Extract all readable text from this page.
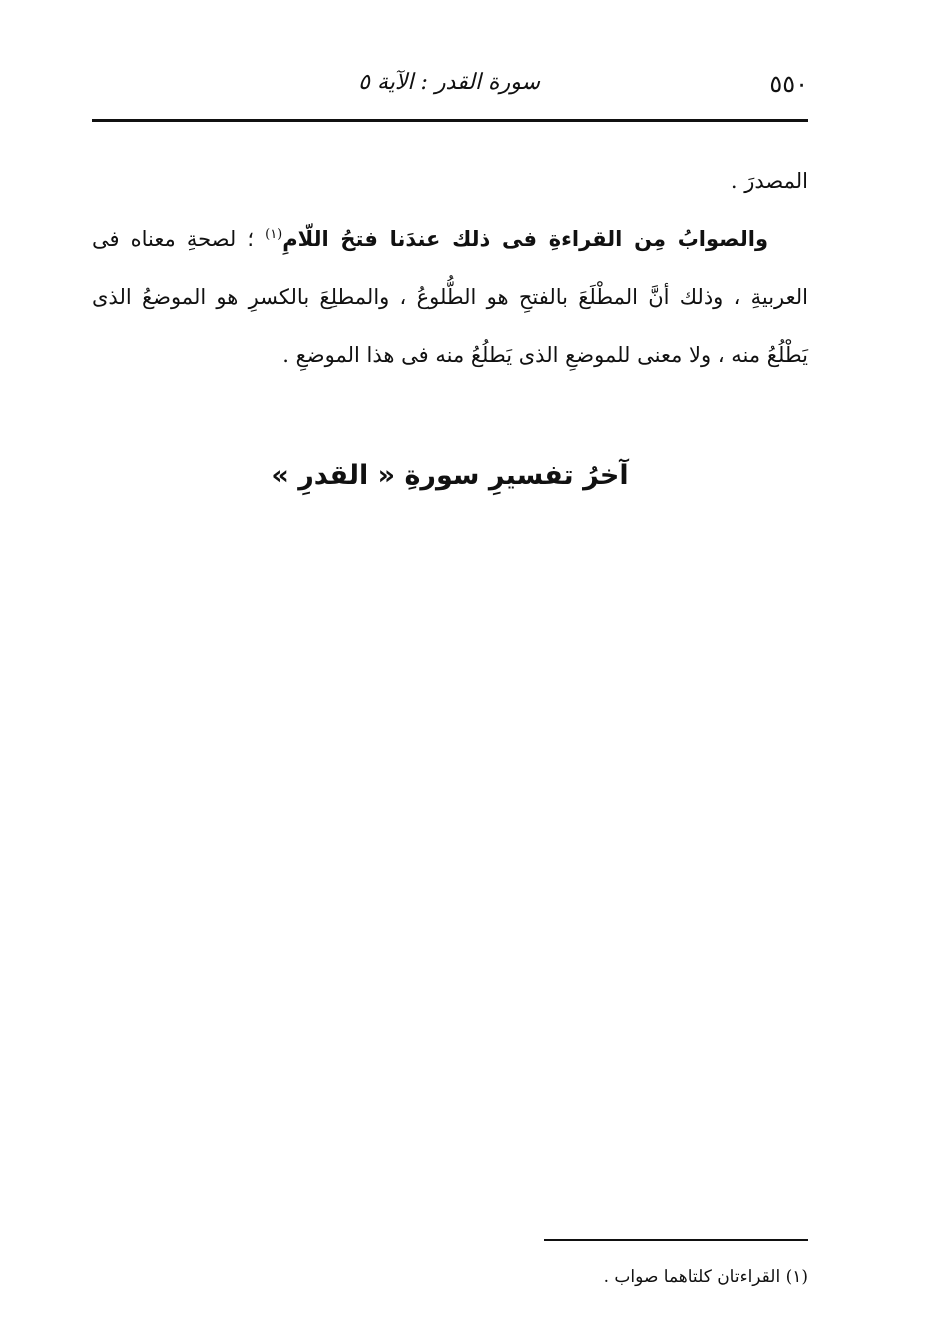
٥٥٠
سورة القدر : الآية ٥

المصدرَ .

والصوابُ مِن القراءةِ فى ذلك عندَنا فتحُ اللّامِ$^{(١)}$ ؛ لصحةِ معناه فى العربيةِ ، وذلك أنَّ المطْلَعَ بالفتحِ هو الطُّلوعُ ، والمطلِعَ بالكسرِ هو الموضعُ الذى يَطْلُعُ منه ، ولا معنى للموضعِ الذى يَطلُعُ منه فى هذا الموضعِ .

آخرُ تفسيرِ سورةِ « القدرِ »
(١) القراءتان كلتاهما صواب .
